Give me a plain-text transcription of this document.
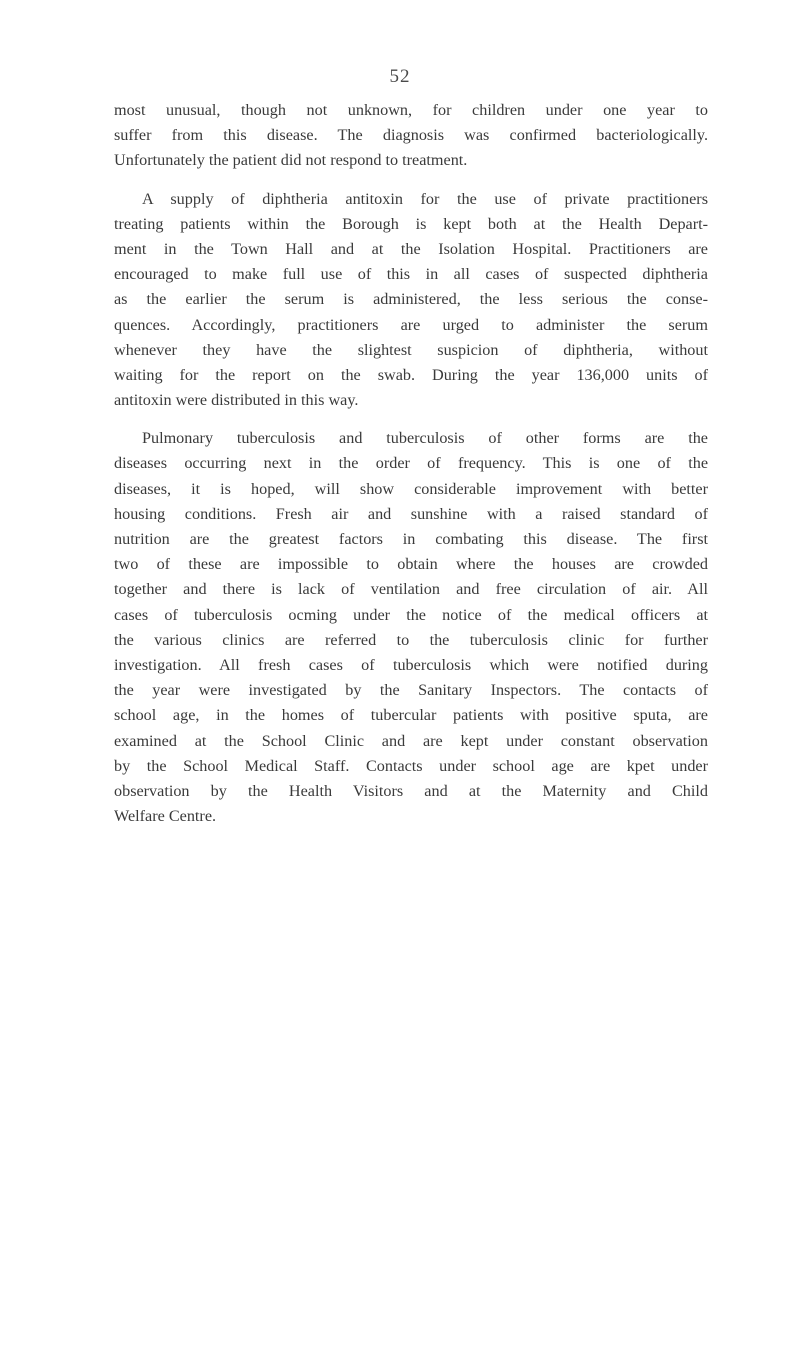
52

most unusual, though not unknown, for children under one year to
suffer from this disease. The diagnosis was confirmed bacteriologically.
Unfortunately the patient did not respond to treatment.

A supply of diphtheria antitoxin for the use of private practitioners
treating patients within the Borough is kept both at the Health Depart-
ment in the Town Hall and at the Isolation Hospital. Practitioners are
encouraged to make full use of this in all cases of suspected diphtheria
as the earlier the serum is administered, the less serious the conse-
quences. Accordingly, practitioners are urged to administer the serum
whenever they have the slightest suspicion of diphtheria, without
waiting for the report on the swab. During the year 136,000 units of
antitoxin were distributed in this way.

Pulmonary tuberculosis and tuberculosis of other forms are the
diseases occurring next in the order of frequency. This is one of the
diseases, it is hoped, will show considerable improvement with better
housing conditions. Fresh air and sunshine with a raised standard of
nutrition are the greatest factors in combating this disease. The first
two of these are impossible to obtain where the houses are crowded
together and there is lack of ventilation and free circulation of air. All
cases of tuberculosis ocming under the notice of the medical officers at
the various clinics are referred to the tuberculosis clinic for further
investigation. All fresh cases of tuberculosis which were notified during
the year were investigated by the Sanitary Inspectors. The contacts of
school age, in the homes of tubercular patients with positive sputa, are
examined at the School Clinic and are kept under constant observation
by the School Medical Staff. Contacts under school age are kpet under
observation by the Health Visitors and at the Maternity and Child
Welfare Centre.
